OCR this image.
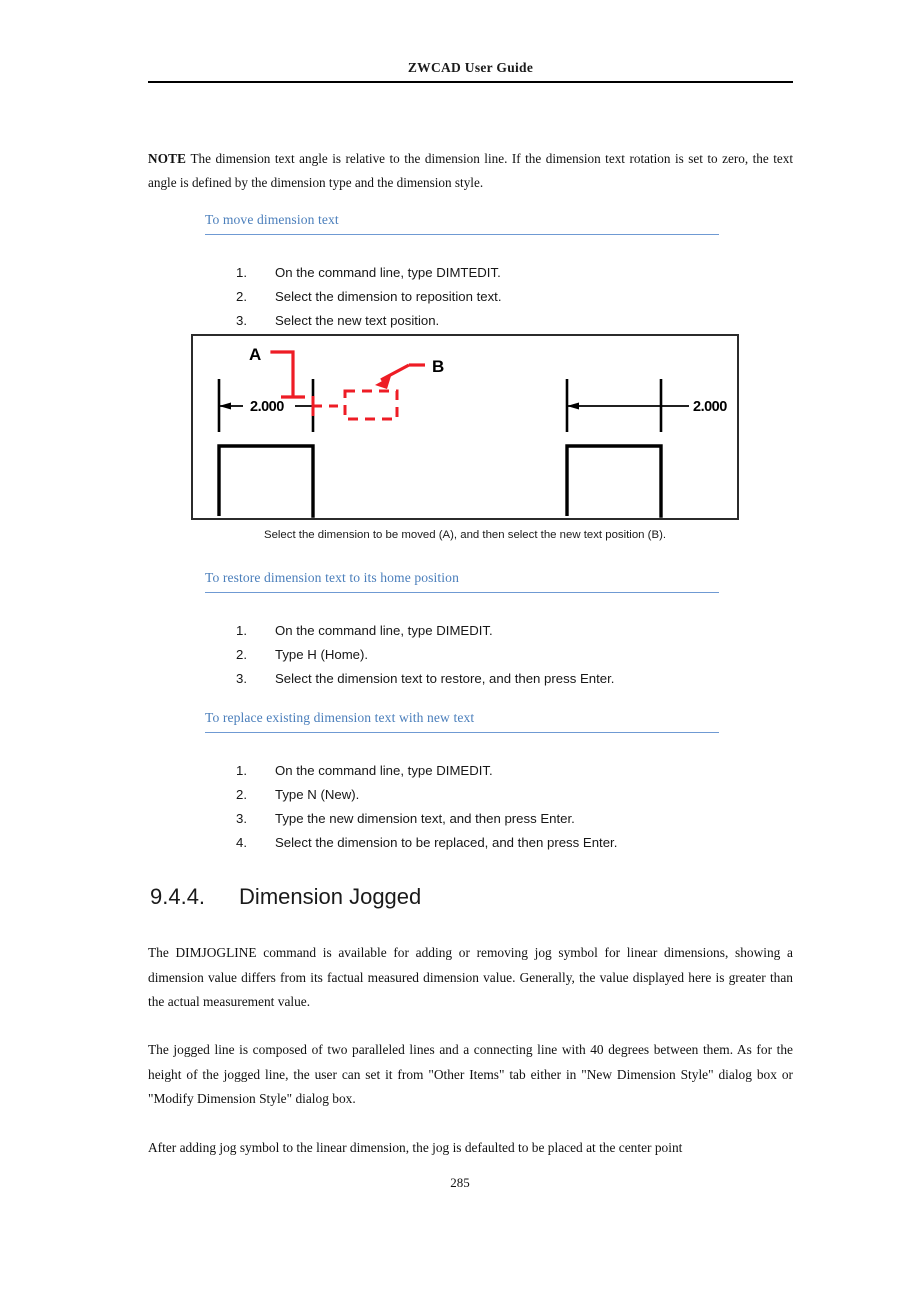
ZWCAD User Guide
NOTE The dimension text angle is relative to the dimension line. If the dimension text rotation is set to zero, the text angle is defined by the dimension type and the dimension style.
To move dimension text
1.	On the command line, type DIMTEDIT.
2.	Select the dimension to reposition text.
3.	Select the new text position.
2.000
A
B
2.000
Select the dimension to be moved (A), and then select the new text position (B).
To restore dimension text to its home position
1.	On the command line, type DIMEDIT.
2.	Type H (Home).
3.	Select the dimension text to restore, and then press Enter.
To replace existing dimension text with new text
1.	On the command line, type DIMEDIT.
2.	Type N (New).
3.	Type the new dimension text, and then press Enter.
4.	Select the dimension to be replaced, and then press Enter.
9.4.4. Dimension Jogged
The DIMJOGLINE command is available for adding or removing jog symbol for linear dimensions, showing a dimension value differs from its factual measured dimension value. Generally, the value displayed here is greater than the actual measurement value.
The jogged line is composed of two paralleled lines and a connecting line with 40 degrees between them. As for the height of the jogged line, the user can set it from "Other Items" tab either in "New Dimension Style" dialog box or "Modify Dimension Style" dialog box.
After adding jog symbol to the linear dimension, the jog is defaulted to be placed at the center point
285
